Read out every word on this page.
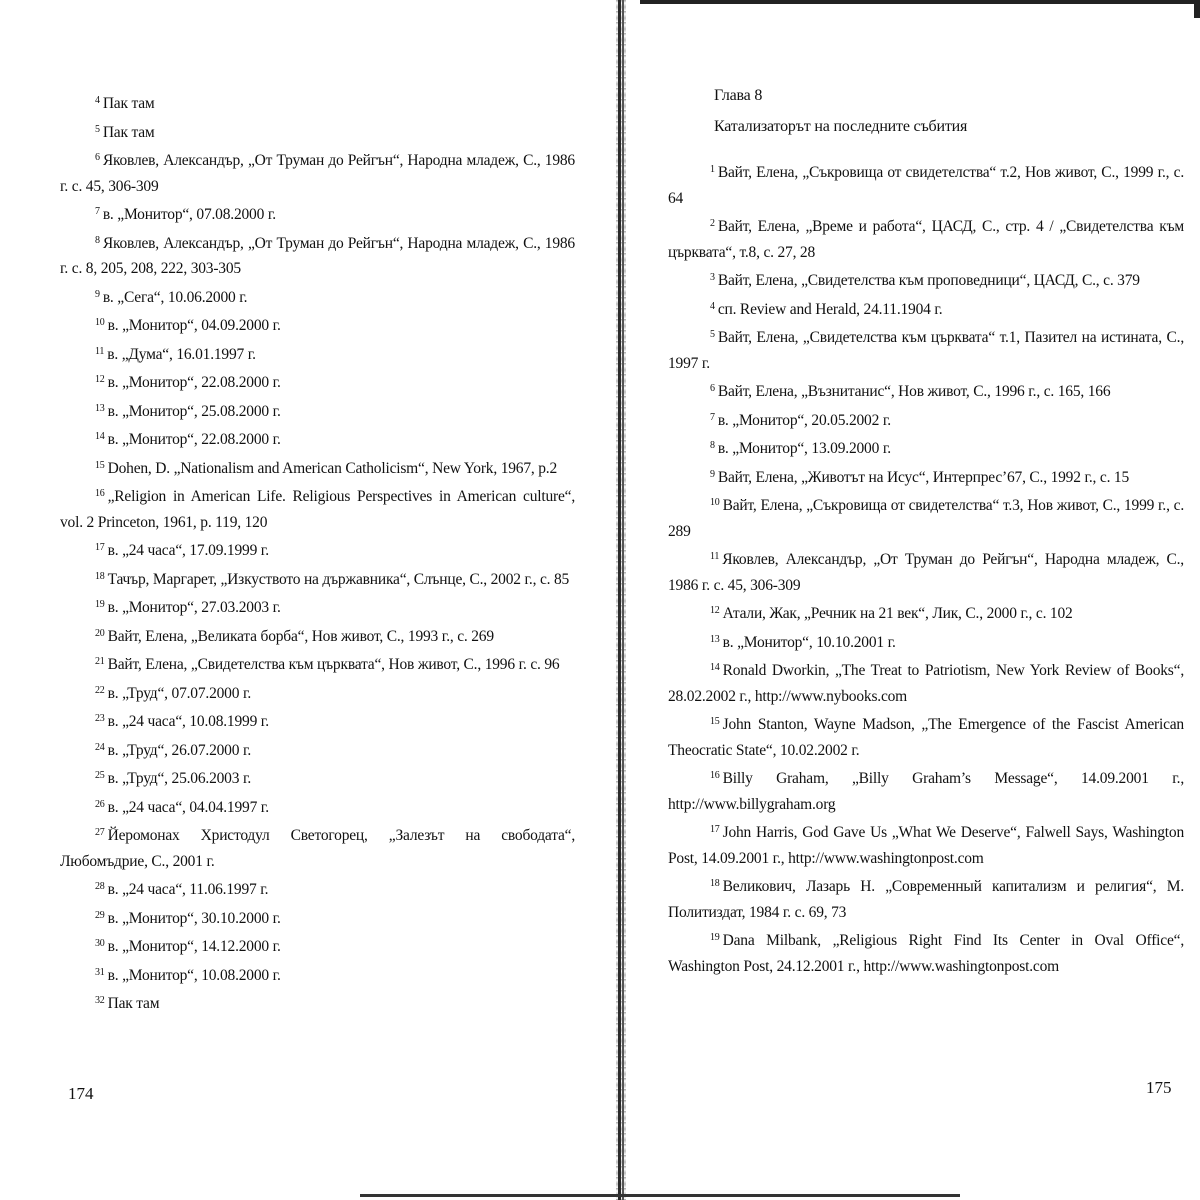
$^4$ Пак там
$^5$ Пак там
$^6$ Яковлев, Александър, „От Труман до Рейгън“, Народна младеж, С., 1986 г. с. 45, 306-309
$^7$ в. „Монитор“, 07.08.2000 г.
$^8$ Яковлев, Александър, „От Труман до Рейгън“, Народна младеж, С., 1986 г. с. 8, 205, 208, 222, 303-305
$^9$ в. „Сега“, 10.06.2000 г.
$^{10}$ в. „Монитор“, 04.09.2000 г.
$^{11}$ в. „Дума“, 16.01.1997 г.
$^{12}$ в. „Монитор“, 22.08.2000 г.
$^{13}$ в. „Монитор“, 25.08.2000 г.
$^{14}$ в. „Монитор“, 22.08.2000 г.
$^{15}$ Dohen, D. „Nationalism and American Catholicism“, New York, 1967, p.2
$^{16}$ „Religion in American Life. Religious Perspectives in American culture“, vol. 2 Princeton, 1961, p. 119, 120
$^{17}$ в. „24 часа“, 17.09.1999 г.
$^{18}$ Тачър, Маргарет, „Изкуството на държавника“, Слънце, С., 2002 г., с. 85
$^{19}$ в. „Монитор“, 27.03.2003 г.
$^{20}$ Вайт, Елена, „Великата борба“, Нов живот, С., 1993 г., с. 269
$^{21}$ Вайт, Елена, „Свидетелства към църквата“, Нов живот, С., 1996 г. с. 96
$^{22}$ в. „Труд“, 07.07.2000 г.
$^{23}$ в. „24 часа“, 10.08.1999 г.
$^{24}$ в. „Труд“, 26.07.2000 г.
$^{25}$ в. „Труд“, 25.06.2003 г.
$^{26}$ в. „24 часа“, 04.04.1997 г.
$^{27}$ Йеромонах Христодул Светогорец, „Залезът на свободата“, Любомъдрие, С., 2001 г.
$^{28}$ в. „24 часа“, 11.06.1997 г.
$^{29}$ в. „Монитор“, 30.10.2000 г.
$^{30}$ в. „Монитор“, 14.12.2000 г.
$^{31}$ в. „Монитор“, 10.08.2000 г.
$^{32}$ Пак там
174
Глава 8
Катализаторът на последните събития
$^1$ Вайт, Елена, „Съкровища от свидетелства“ т.2, Нов живот, С., 1999 г., с. 64
$^2$ Вайт, Елена, „Време и работа“, ЦАСД, С., стр. 4 / „Свидетелства към църквата“, т.8, с. 27, 28
$^3$ Вайт, Елена, „Свидетелства към проповедници“, ЦАСД, С., с. 379
$^4$ сп. Review and Herald, 24.11.1904 г.
$^5$ Вайт, Елена, „Свидетелства към църквата“ т.1, Пазител на истината, С., 1997 г.
$^6$ Вайт, Елена, „Възнитанис“, Нов живот, С., 1996 г., с. 165, 166
$^7$ в. „Монитор“, 20.05.2002 г.
$^8$ в. „Монитор“, 13.09.2000 г.
$^9$ Вайт, Елена, „Животът на Исус“, Интерпрес’67, С., 1992 г., с. 15
$^{10}$ Вайт, Елена, „Съкровища от свидетелства“ т.3, Нов живот, С., 1999 г., с. 289
$^{11}$ Яковлев, Александър, „От Труман до Рейгън“, Народна младеж, С., 1986 г. с. 45, 306-309
$^{12}$ Атали, Жак, „Речник на 21 век“, Лик, С., 2000 г., с. 102
$^{13}$ в. „Монитор“, 10.10.2001 г.
$^{14}$ Ronald Dworkin, „The Treat to Patriotism, New York Review of Books“, 28.02.2002 г., http://www.nybooks.com
$^{15}$ John Stanton, Wayne Madson, „The Emergence of the Fascist American Theocratic State“, 10.02.2002 г.
$^{16}$ Billy Graham, „Billy Graham’s Message“, 14.09.2001 г., http://www.billygraham.org
$^{17}$ John Harris, God Gave Us „What We Deserve“, Falwell Says, Washington Post, 14.09.2001 г., http://www.washingtonpost.com
$^{18}$ Великович, Лазарь Н. „Современный капитализм и религия“, М. Политиздат, 1984 г. с. 69, 73
$^{19}$ Dana Milbank, „Religious Right Find Its Center in Oval Office“, Washington Post, 24.12.2001 г., http://www.washingtonpost.com
175
